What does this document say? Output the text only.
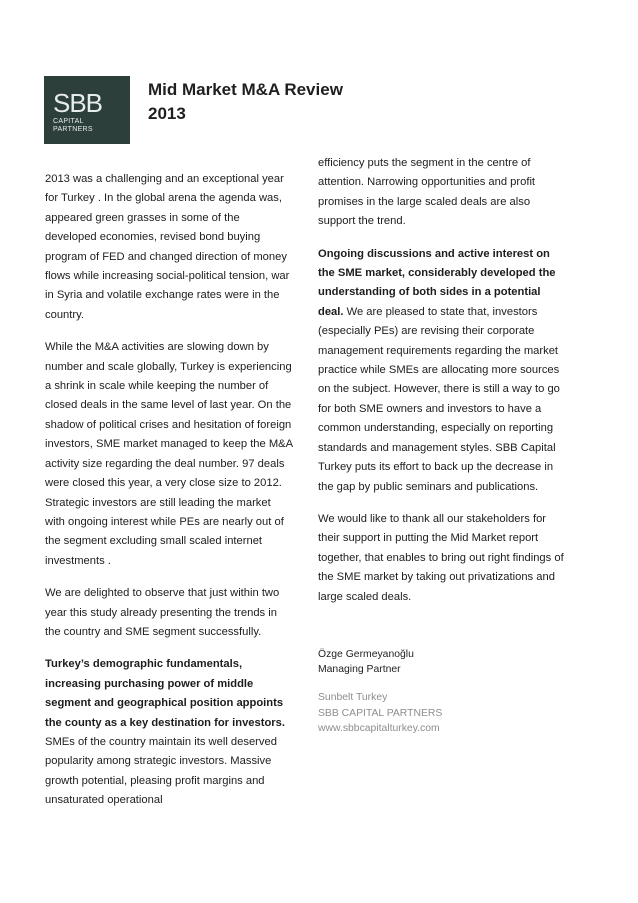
SBB
CAPITAL
PARTNERS
Mid Market M&A Review
2013

2013 was a challenging and an exceptional year for Turkey . In the global arena the agenda was, appeared green grasses in some of the developed economies, revised bond buying program of FED and changed direction of money flows while increasing social-political tension, war in Syria and volatile exchange rates were in the country.

While the M&A activities are slowing down by number and scale globally, Turkey is experiencing a shrink in scale while keeping the number of closed deals in the same level of last year. On the shadow of political crises and hesitation of foreign investors, SME market managed to keep the M&A activity size regarding the deal number. 97 deals were closed this year, a very close size to 2012. Strategic investors are still leading the market with ongoing interest while PEs are nearly out of the segment excluding small scaled internet investments .

We are delighted to observe that just within two year this study already presenting the trends in the country and SME segment successfully.

Turkey’s demographic fundamentals, increasing purchasing power of middle segment and geographical position appoints the county as a key destination for investors. SMEs of the country maintain its well deserved popularity among strategic investors. Massive growth potential, pleasing profit margins and unsaturated operational

efficiency puts the segment in the centre of attention. Narrowing opportunities and profit promises in the large scaled deals are also support the trend.

Ongoing discussions and active interest on the SME market, considerably developed the understanding of both sides in a potential deal. We are pleased to state that, investors (especially PEs) are revising their corporate management requirements regarding the market practice while SMEs are allocating more sources on the subject. However, there is still a way to go for both SME owners and investors to have a common understanding, especially on reporting standards and management styles. SBB Capital Turkey puts its effort to back up the decrease in the gap by public seminars and publications.

We would like to thank all our stakeholders for their support in putting the Mid Market report together, that enables to bring out right findings of the SME market by taking out privatizations and large scaled deals.

Özge Germeyanoğlu
Managing Partner
Sunbelt Turkey
SBB CAPITAL PARTNERS
www.sbbcapitalturkey.com
